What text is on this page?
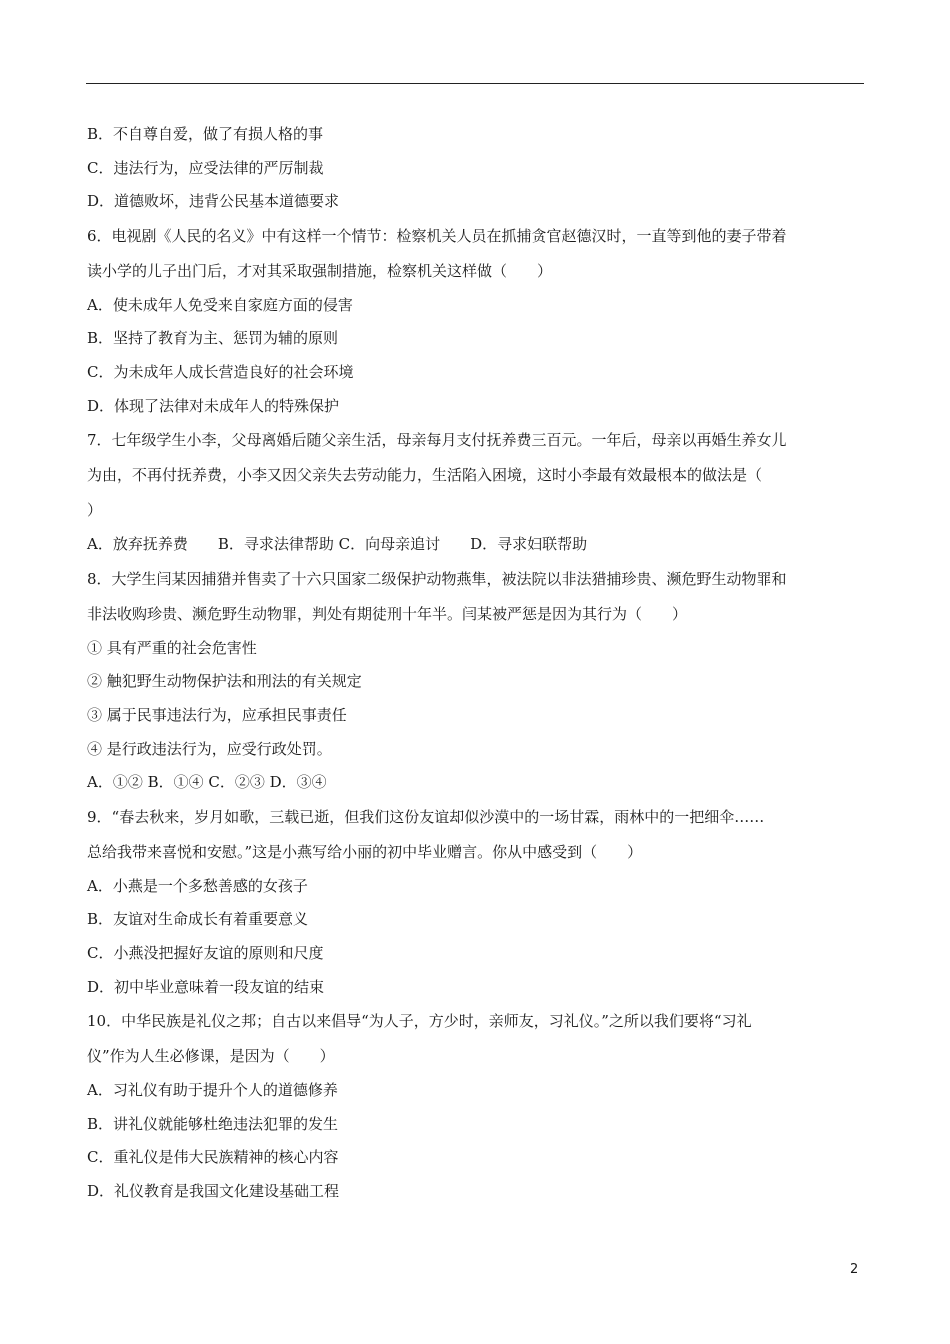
B．不自尊自爱，做了有损人格的事
C．违法行为，应受法律的严厉制裁
D．道德败坏，违背公民基本道德要求
6．电视剧《人民的名义》中有这样一个情节：检察机关人员在抓捕贪官赵德汉时，一直等到他的妻子带着
读小学的儿子出门后，才对其采取强制措施，检察机关这样做（　　）
A．使未成年人免受来自家庭方面的侵害
B．坚持了教育为主、惩罚为辅的原则
C．为未成年人成长营造良好的社会环境
D．体现了法律对未成年人的特殊保护
7．七年级学生小李，父母离婚后随父亲生活，母亲每月支付抚养费三百元。一年后，母亲以再婚生养女儿
为由，不再付抚养费，小李又因父亲失去劳动能力，生活陷入困境，这时小李最有效最根本的做法是（
）
A．放弃抚养费　　B．寻求法律帮助 C．向母亲追讨　　D．寻求妇联帮助
8．大学生闫某因捕猎并售卖了十六只国家二级保护动物燕隼，被法院以非法猎捕珍贵、濒危野生动物罪和
非法收购珍贵、濒危野生动物罪，判处有期徒刑十年半。闫某被严惩是因为其行为（　　）
① 具有严重的社会危害性
② 触犯野生动物保护法和刑法的有关规定
③ 属于民事违法行为，应承担民事责任
④ 是行政违法行为，应受行政处罚。
A．①② B．①④ C．②③ D．③④
9．“春去秋来，岁月如歌，三载已逝，但我们这份友谊却似沙漠中的一场甘霖，雨林中的一把细伞……
总给我带来喜悦和安慰。”这是小燕写给小丽的初中毕业赠言。你从中感受到（　　）
A．小燕是一个多愁善感的女孩子
B．友谊对生命成长有着重要意义
C．小燕没把握好友谊的原则和尺度
D．初中毕业意味着一段友谊的结束
10．中华民族是礼仪之邦；自古以来倡导“为人子，方少时，亲师友，习礼仪。”之所以我们要将“习礼
仪”作为人生必修课，是因为（　　）
A．习礼仪有助于提升个人的道德修养
B．讲礼仪就能够杜绝违法犯罪的发生
C．重礼仪是伟大民族精神的核心内容
D．礼仪教育是我国文化建设基础工程
2
